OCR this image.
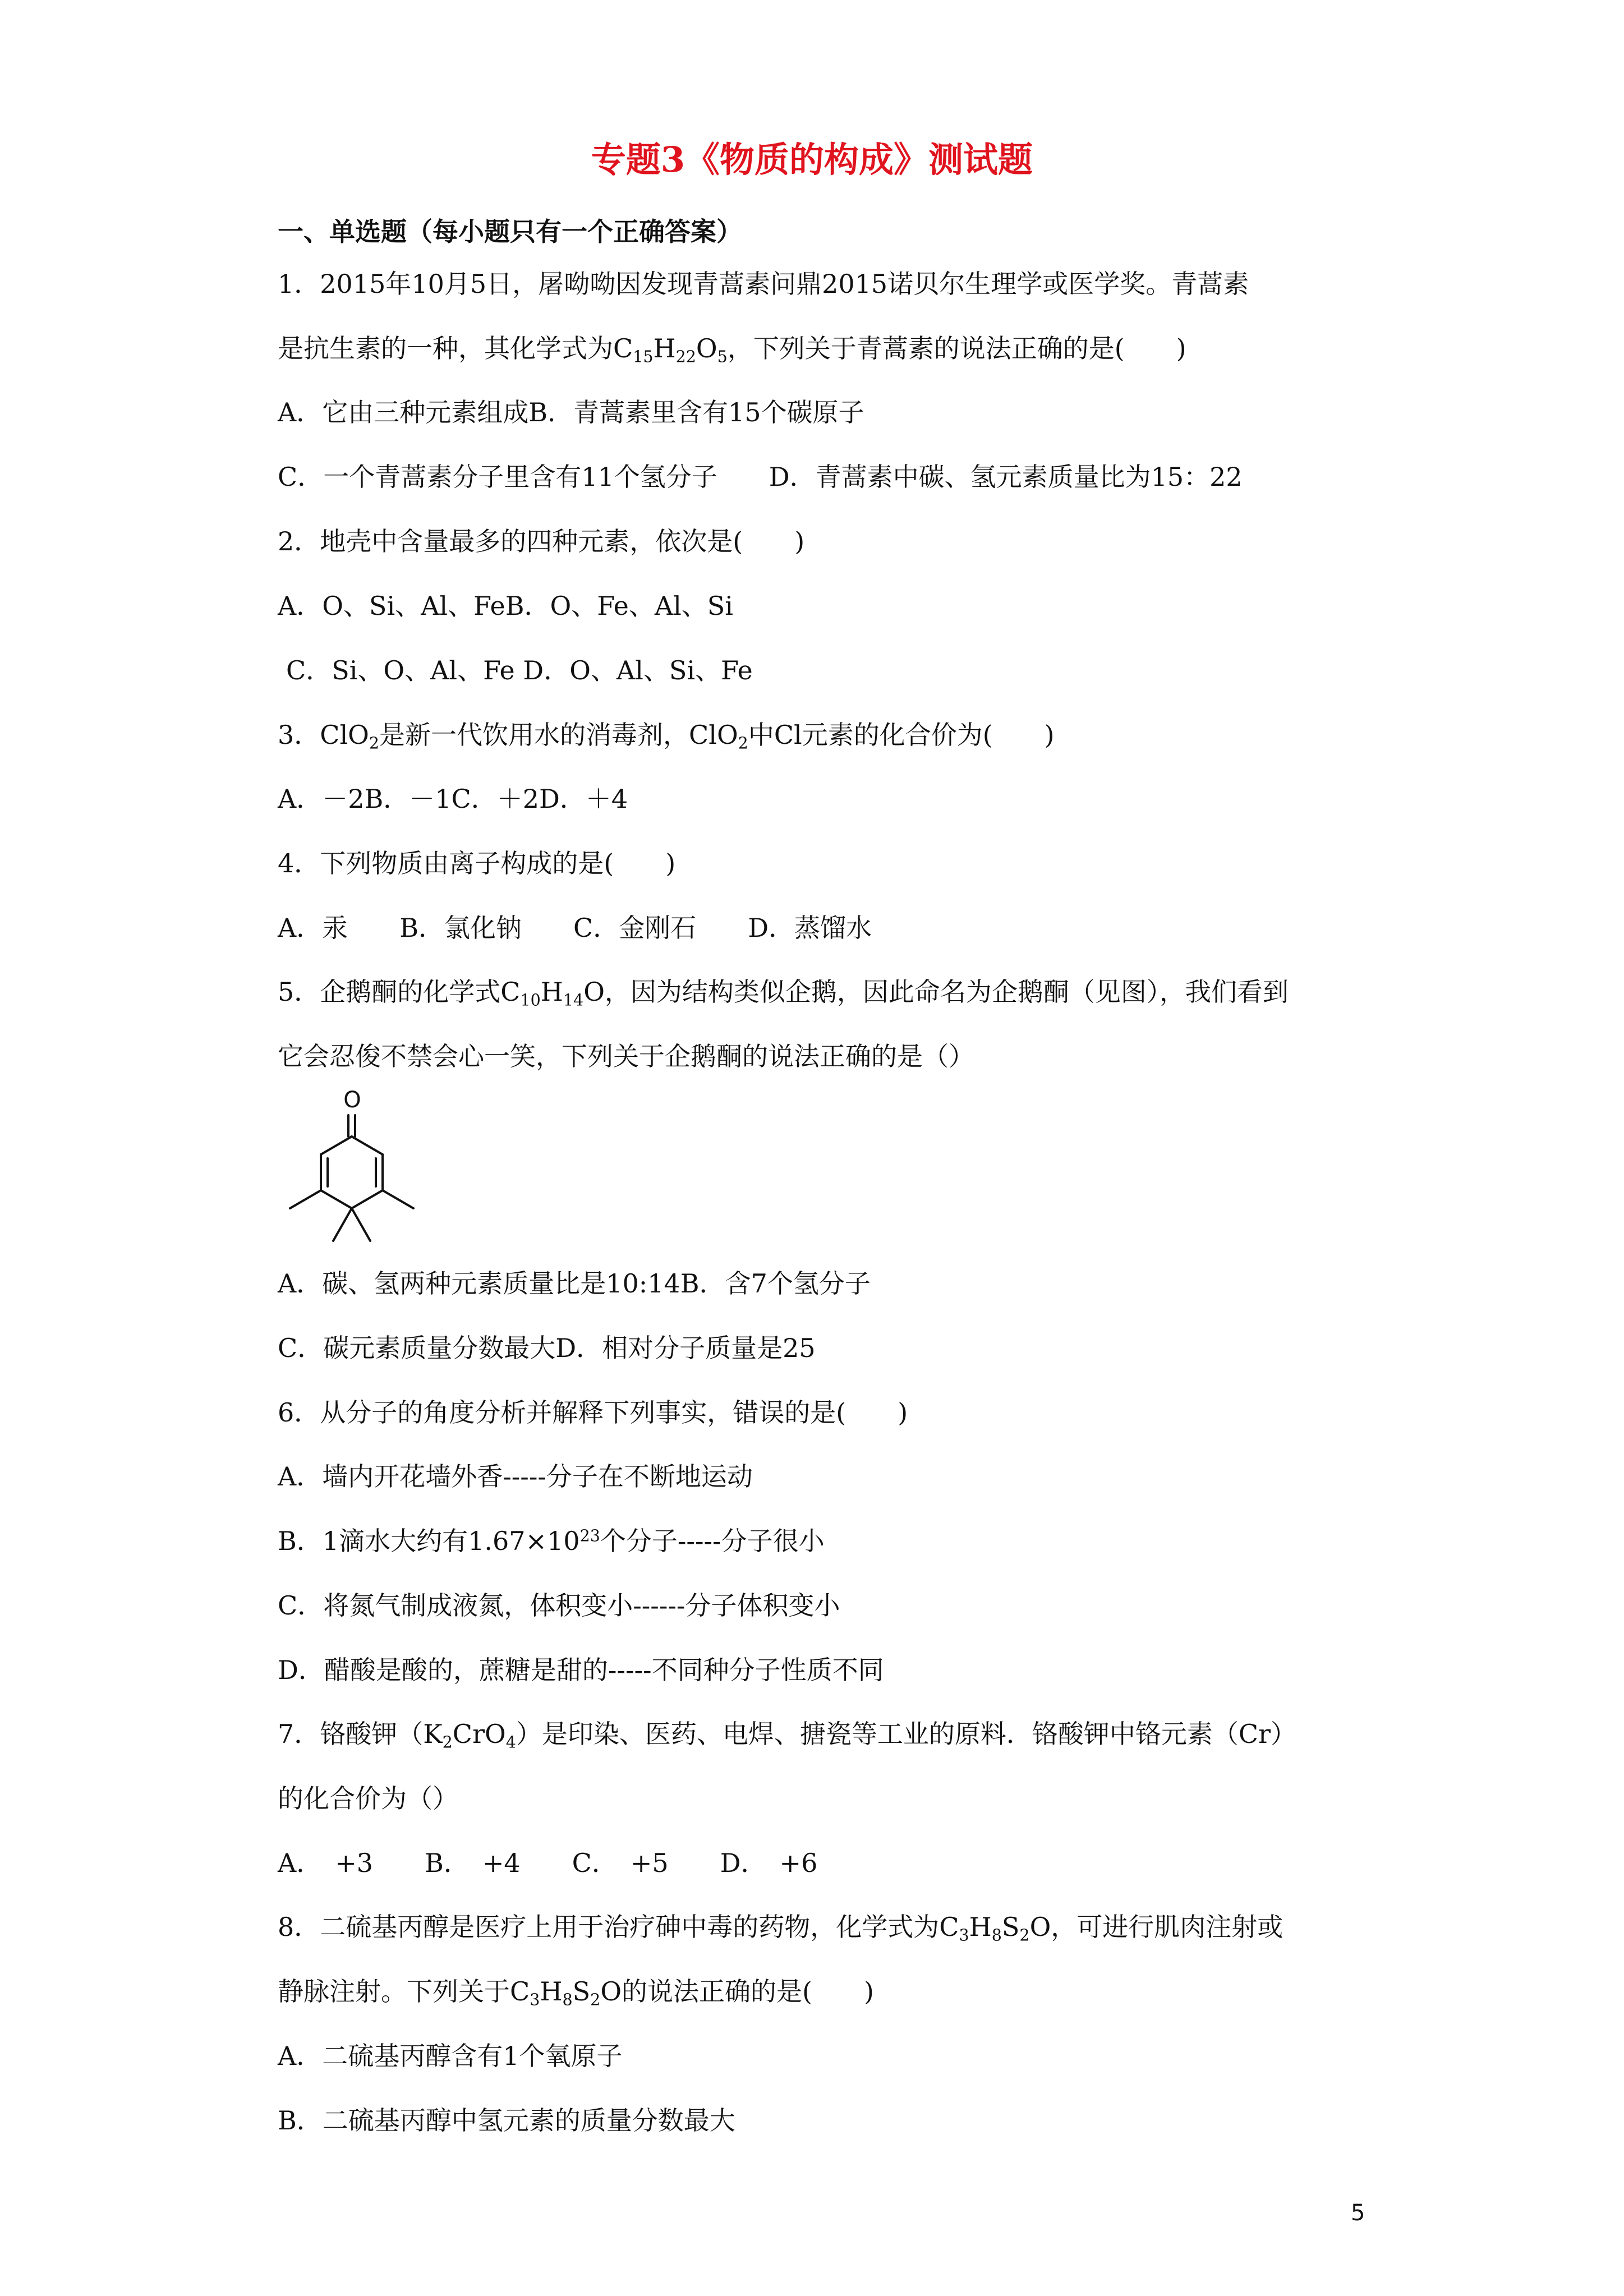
专题3《物质的构成》测试题
一、单选题（每小题只有一个正确答案）
1．2015年10月5日，屠呦呦因发现青蒿素问鼎2015诺贝尔生理学或医学奖。青蒿素
是抗生素的一种，其化学式为$C_{15}H_{22}O_5$，下列关于青蒿素的说法正确的是(　　)
A．它由三种元素组成B．青蒿素里含有15个碳原子
C．一个青蒿素分子里含有11个氢分子　　D．青蒿素中碳、氢元素质量比为15：22
2．地壳中含量最多的四种元素，依次是(　　)
A．O、Si、Al、FeB．O、Fe、Al、Si
C．Si、O、Al、Fe D．O、Al、Si、Fe
3．ClO$_2$是新一代饮用水的消毒剂，ClO$_2$中Cl元素的化合价为(　　)
A．－2B．－1C．＋2D．＋4
4．下列物质由离子构成的是(　　)
A．汞　　B．氯化钠　　C．金刚石　　D．蒸馏水
5．企鹅酮的化学式$C_{10}H_{14}O$，因为结构类似企鹅，因此命名为企鹅酮（见图），我们看到
它会忍俊不禁会心一笑，下列关于企鹅酮的说法正确的是（）
O
A．碳、氢两种元素质量比是10:14B．含7个氢分子
C．碳元素质量分数最大D．相对分子质量是25
6．从分子的角度分析并解释下列事实，错误的是(　　)
A．墙内开花墙外香-----分子在不断地运动
B．1滴水大约有$1.67\times 10^{23}$个分子-----分子很小
C．将氮气制成液氮，体积变小------分子体积变小
D．醋酸是酸的，蔗糖是甜的-----不同种分子性质不同
7．铬酸钾$(K_2CrO_4)$是印染、医药、电焊、搪瓷等工业的原料．铬酸钾中铬元素（Cr）
的化合价为（）
A．　+3　　B．　+4　　C．　+5　　D．　+6
8．二硫基丙醇是医疗上用于治疗砷中毒的药物，化学式为$C_3H_8S_2O$，可进行肌肉注射或
静脉注射。下列关于$C_3H_8S_2O$的说法正确的是(　　)
A．二硫基丙醇含有1个氧原子
B．二硫基丙醇中氢元素的质量分数最大
5
